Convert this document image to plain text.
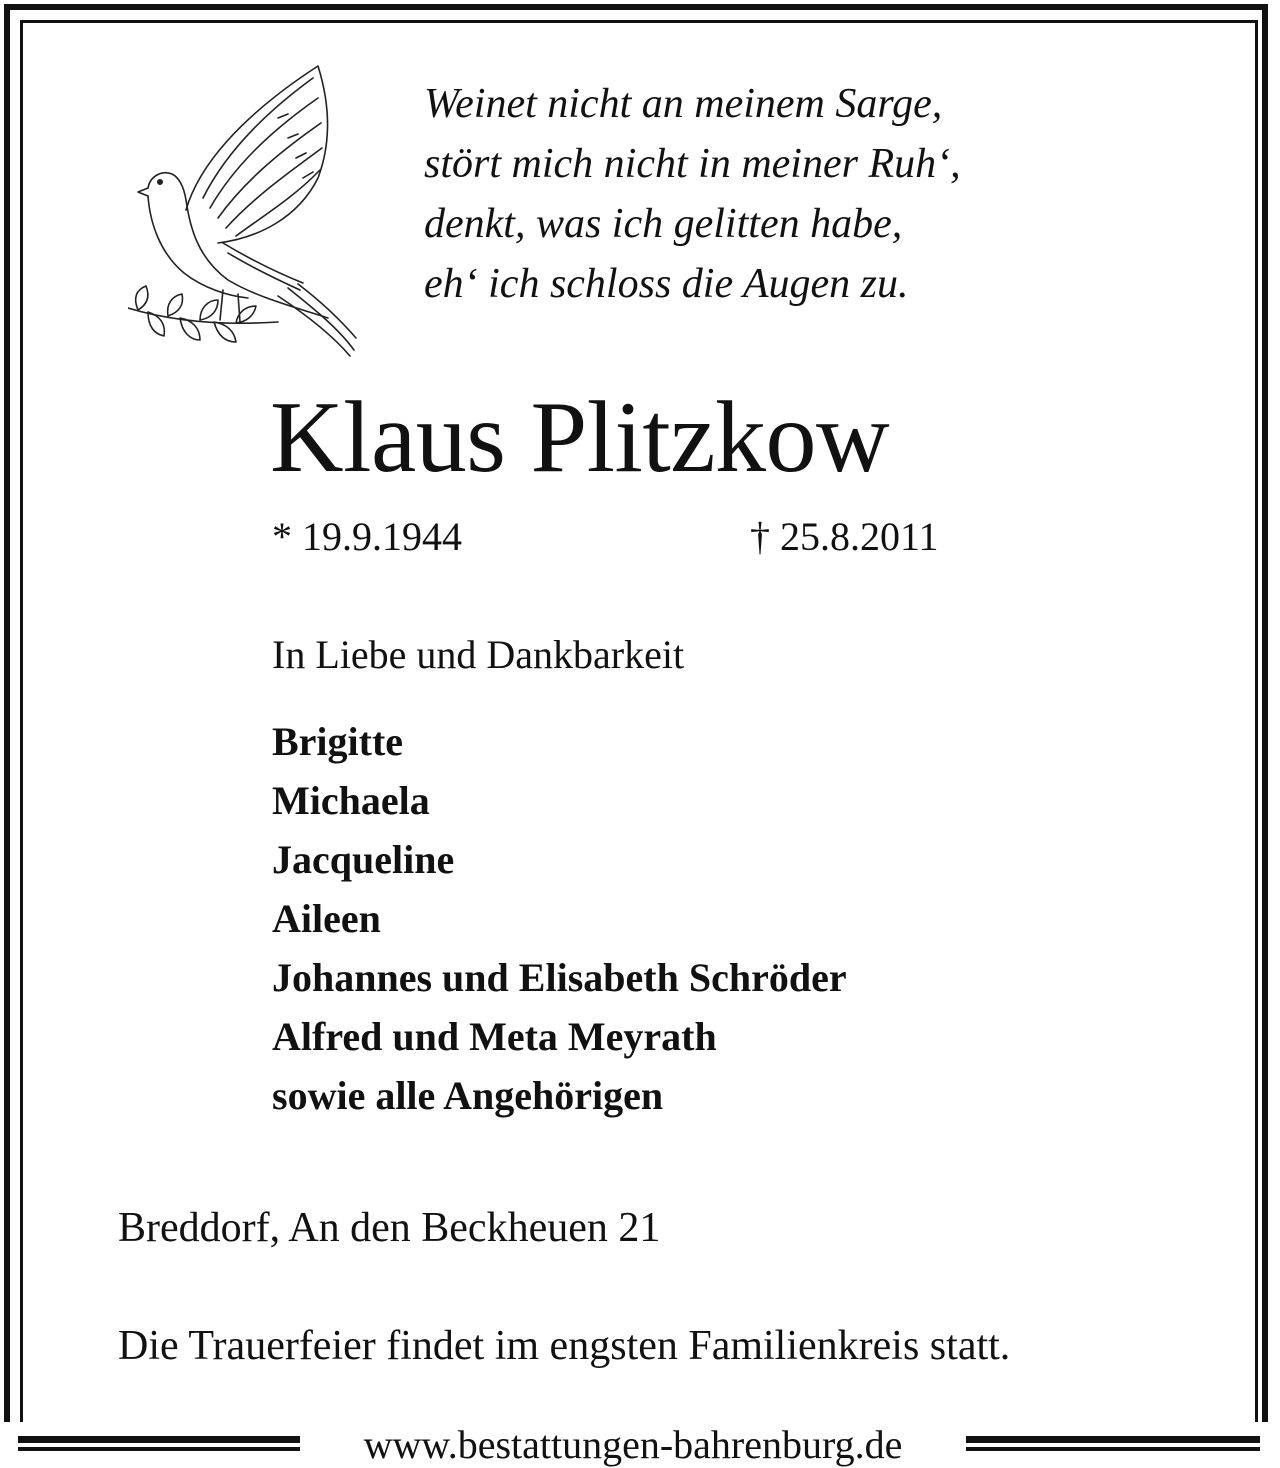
Weinet nicht an meinem Sarge,
stört mich nicht in meiner Ruh‘,
denkt, was ich gelitten habe,
eh‘ ich schloss die Augen zu.
Klaus Plitzkow
* 19.9.1944	† 25.8.2011
In Liebe und Dankbarkeit
Brigitte
Michaela
Jacqueline
Aileen
Johannes und Elisabeth Schröder
Alfred und Meta Meyrath
sowie alle Angehörigen
Breddorf, An den Beckheuen 21
Die Trauerfeier findet im engsten Familienkreis statt.
www.bestattungen-bahrenburg.de
